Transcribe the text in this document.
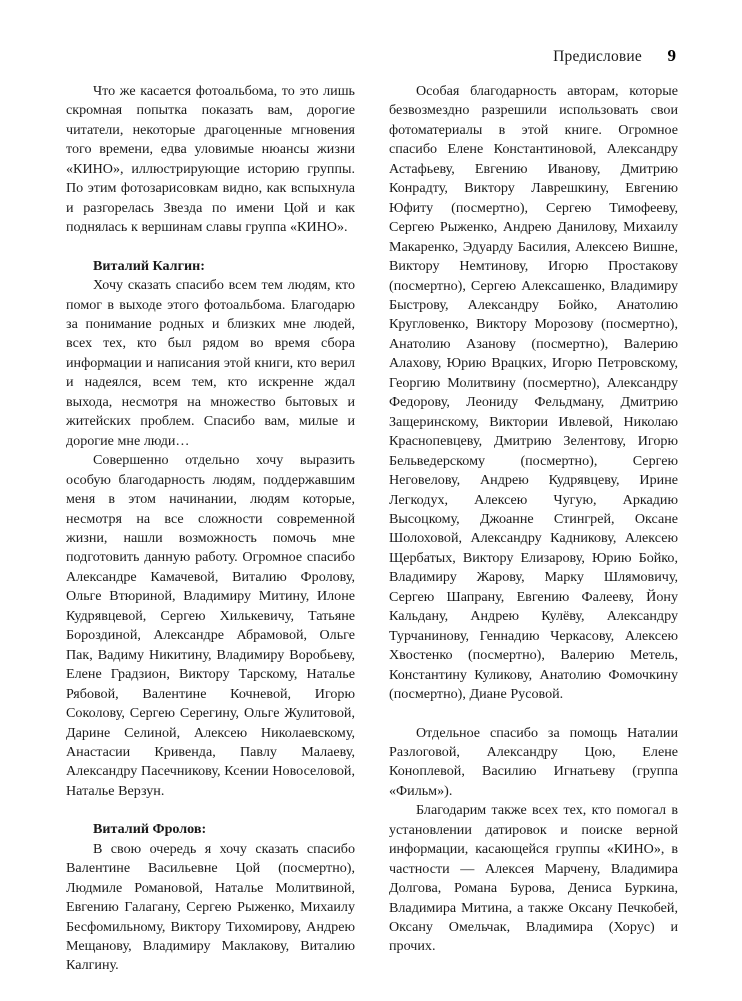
Предисловие 9

Что же касается фотоальбома, то это лишь скромная попытка показать вам, дорогие читатели, некоторые драгоценные мгновения того времени, едва уловимые нюансы жизни «КИНО», иллюстрирующие историю группы. По этим фотозарисовкам видно, как вспыхнула и разгорелась Звезда по имени Цой и как поднялась к вершинам славы группа «КИНО».

Виталий Калгин:

Хочу сказать спасибо всем тем людям, кто помог в выходе этого фотоальбома. Благодарю за понимание родных и близких мне людей, всех тех, кто был рядом во время сбора информации и написания этой книги, кто верил и надеялся, всем тем, кто искренне ждал выхода, несмотря на множество бытовых и житейских проблем. Спасибо вам, милые и дорогие мне люди…

Совершенно отдельно хочу выразить особую благодарность людям, поддержавшим меня в этом начинании, людям которые, несмотря на все сложности современной жизни, нашли возможность помочь мне подготовить данную работу. Огромное спасибо Александре Камачевой, Виталию Фролову, Ольге Втюриной, Владимиру Митину, Илоне Кудрявцевой, Сергею Хилькевичу, Татьяне Бороздиной, Александре Абрамовой, Ольге Пак, Вадиму Никитину, Владимиру Воробьеву, Елене Градзион, Виктору Тарскому, Наталье Рябовой, Валентине Кочневой, Игорю Соколову, Сергею Серегину, Ольге Жулитовой, Дарине Селиной, Алексею Николаевскому, Анастасии Кривенда, Павлу Малаеву, Александру Пасечникову, Ксении Новоселовой, Наталье Верзун.

Виталий Фролов:

В свою очередь я хочу сказать спасибо Валентине Васильевне Цой (посмертно), Людмиле Романовой, Наталье Молитвиной, Евгению Галагану, Сергею Рыженко, Михаилу Бесфомильному, Виктору Тихомирову, Андрею Мещанову, Владимиру Маклакову, Виталию Калгину.

Особая благодарность авторам, которые безвозмездно разрешили использовать свои фотоматериалы в этой книге. Огромное спасибо Елене Константиновой, Александру Астафьеву, Евгению Иванову, Дмитрию Конрадту, Виктору Лаврешкину, Евгению Юфиту (посмертно), Сергею Тимофееву, Сергею Рыженко, Андрею Данилову, Михаилу Макаренко, Эдуарду Басилия, Алексею Вишне, Виктору Немтинову, Игорю Простакову (посмертно), Сергею Алексашенко, Владимиру Быстрову, Александру Бойко, Анатолию Кругловенко, Виктору Морозову (посмертно), Анатолию Азанову (посмертно), Валерию Алахову, Юрию Врацких, Игорю Петровскому, Георгию Молитвину (посмертно), Александру Федорову, Леониду Фельдману, Дмитрию Защеринскому, Виктории Ивлевой, Николаю Краснопевцеву, Дмитрию Зелентову, Игорю Бельведерскому (посмертно), Сергею Неговелову, Андрею Кудрявцеву, Ирине Легкодух, Алексею Чугую, Аркадию Высоцкому, Джоанне Стингрей, Оксане Шолоховой, Александру Кадникову, Алексею Щербатых, Виктору Елизарову, Юрию Бойко, Владимиру Жарову, Марку Шлямовичу, Сергею Шапрану, Евгению Фалееву, Йону Кальдану, Андрею Кулёву, Александру Турчанинову, Геннадию Черкасову, Алексею Хвостенко (посмертно), Валерию Метель, Константину Куликову, Анатолию Фомочкину (посмертно), Диане Русовой.

Отдельное спасибо за помощь Наталии Разлоговой, Александру Цою, Елене Коноплевой, Василию Игнатьеву (группа «Фильм»).

Благодарим также всех тех, кто помогал в установлении датировок и поиске верной информации, касающейся группы «КИНО», в частности — Алексея Марчену, Владимира Долгова, Романа Бурова, Дениса Буркина, Владимира Митина, а также Оксану Печкобей, Оксану Омельчак, Владимира (Хорус) и прочих.
